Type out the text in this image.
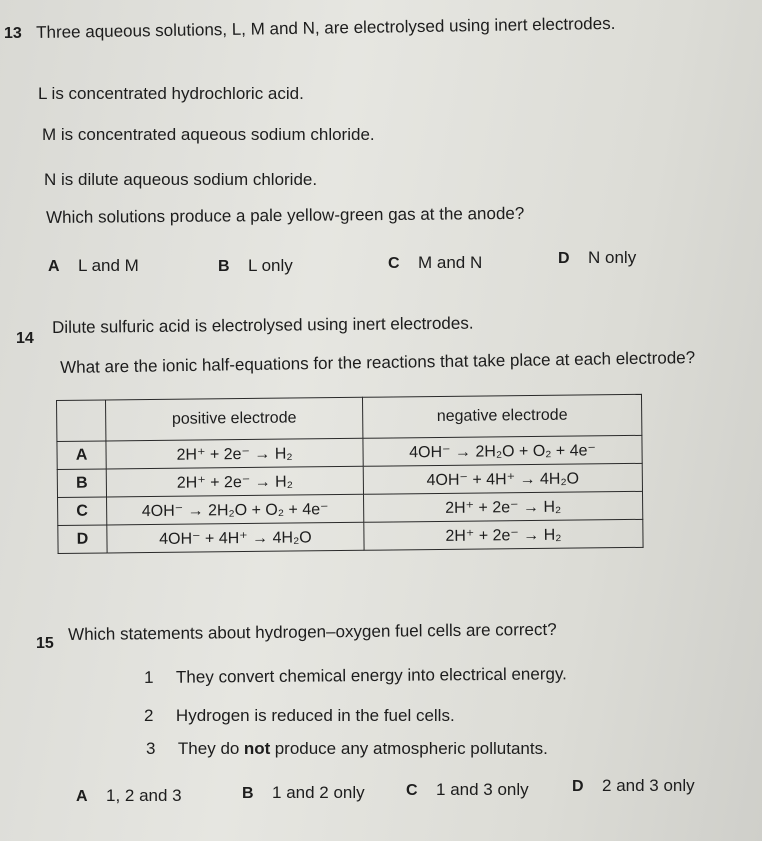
13 Three aqueous solutions, L, M and N, are electrolysed using inert electrodes.
L is concentrated hydrochloric acid.
M is concentrated aqueous sodium chloride.
N is dilute aqueous sodium chloride.
Which solutions produce a pale yellow-green gas at the anode?
A L and M	B L only	C M and N	D N only
14
Dilute sulfuric acid is electrolysed using inert electrodes.
What are the ionic half-equations for the reactions that take place at each electrode?
	positive electrode	negative electrode
A	2H⁺ + 2e⁻ → H₂	4OH⁻ → 2H₂O + O₂ + 4e⁻
B	2H⁺ + 2e⁻ → H₂	4OH⁻ + 4H⁺ → 4H₂O
C	4OH⁻ → 2H₂O + O₂ + 4e⁻	2H⁺ + 2e⁻ → H₂
D	4OH⁻ + 4H⁺ → 4H₂O	2H⁺ + 2e⁻ → H₂
15 Which statements about hydrogen–oxygen fuel cells are correct?
1 They convert chemical energy into electrical energy.
2 Hydrogen is reduced in the fuel cells.
3 They do not produce any atmospheric pollutants.
A 1, 2 and 3	B 1 and 2 only	C 1 and 3 only	D 2 and 3 only
